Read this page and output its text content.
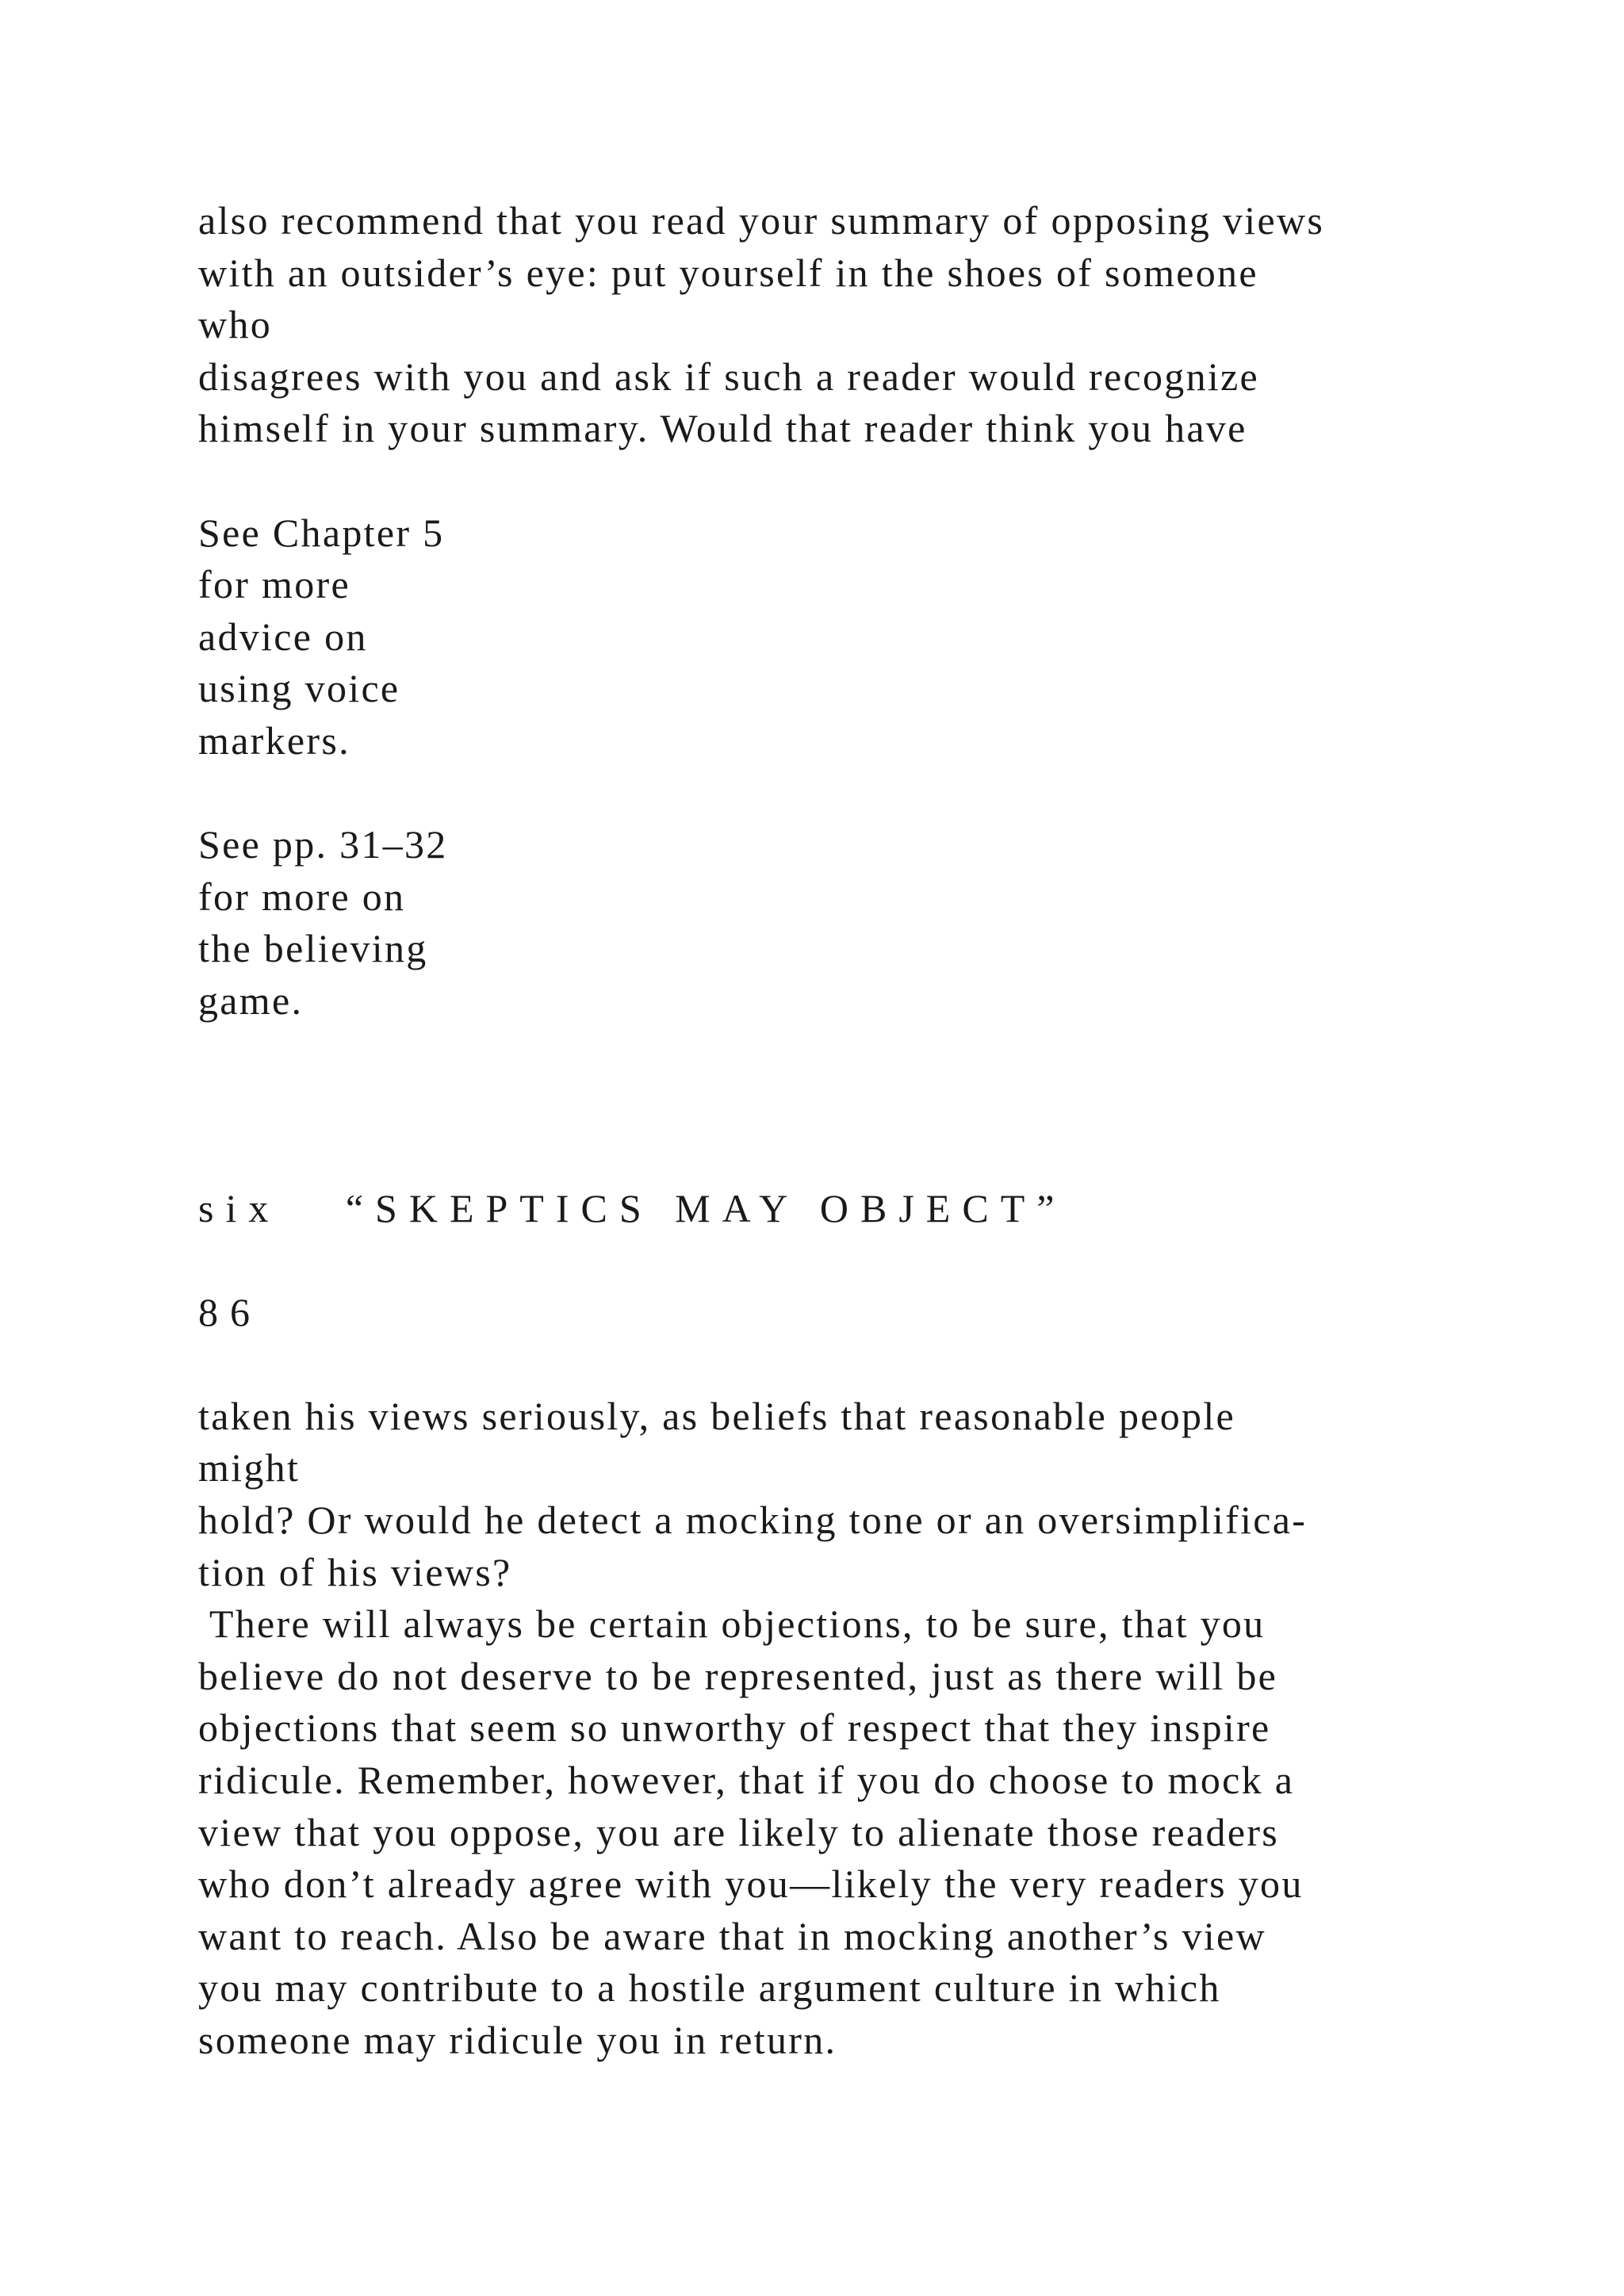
also recommend that you read your summary of opposing views
with an outsider’s eye: put yourself in the shoes of someone
who
disagrees with you and ask if such a reader would recognize
himself in your summary. Would that reader think you have
See Chapter 5
for more
advice on
using voice
markers.
See pp. 31–32
for more on
the believing
game.
six   “SKEPTICS MAY OBJECT”
86
taken his views seriously, as beliefs that reasonable people
might
hold? Or would he detect a mocking tone or an oversimplifica-
tion of his views?
There will always be certain objections, to be sure, that you
believe do not deserve to be represented, just as there will be
objections that seem so unworthy of respect that they inspire
ridicule. Remember, however, that if you do choose to mock a
view that you oppose, you are likely to alienate those readers
who don’t already agree with you—likely the very readers you
want to reach. Also be aware that in mocking another’s view
you may contribute to a hostile argument culture in which
someone may ridicule you in return.
